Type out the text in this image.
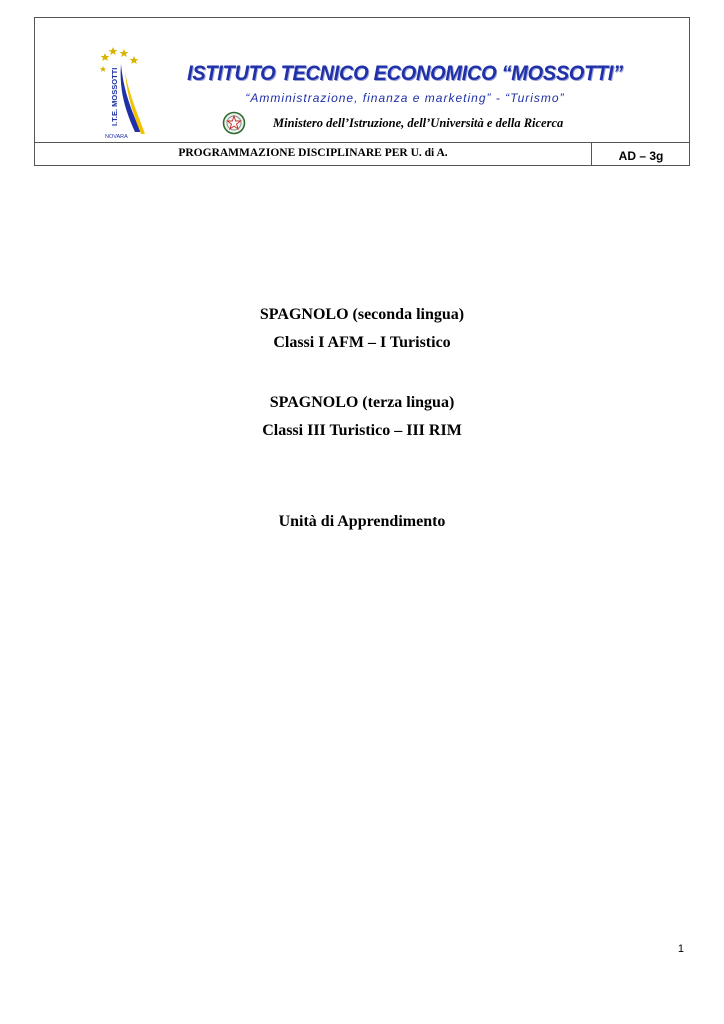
I.T.E. MOSSOTTI
NOVARA
ISTITUTO TECNICO ECONOMICO “MOSSOTTI”
“Amministrazione, finanza e marketing” - “Turismo”
Ministero dell’Istruzione, dell’Università e della Ricerca
PROGRAMMAZIONE DISCIPLINARE PER U. di A.	AD – 3g
SPAGNOLO (seconda lingua)
Classi I AFM – I Turistico
SPAGNOLO (terza lingua)
Classi III Turistico – III RIM
Unità di Apprendimento
1
